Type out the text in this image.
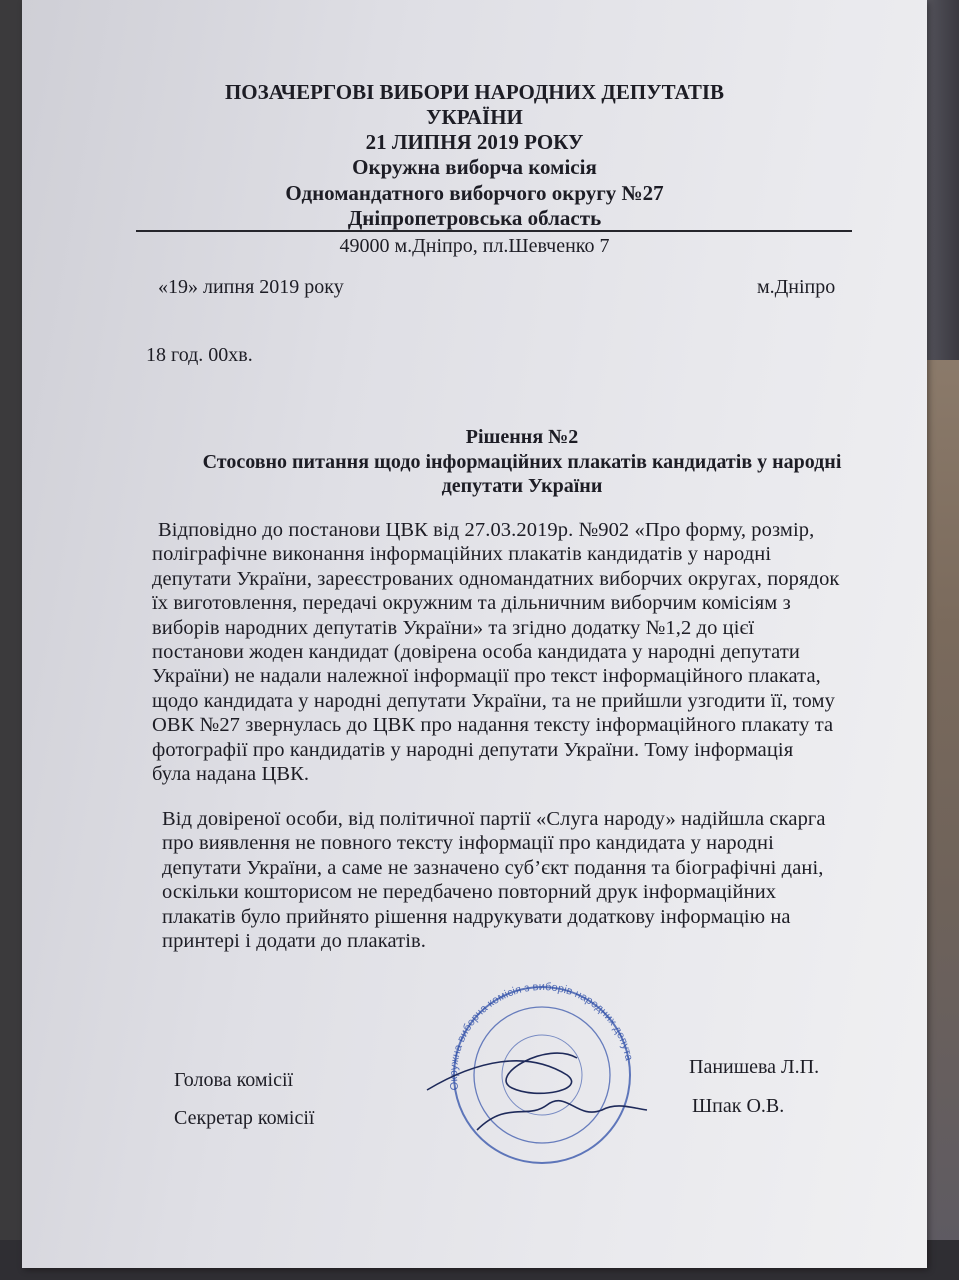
ПОЗАЧЕРГОВІ ВИБОРИ НАРОДНИХ ДЕПУТАТІВ
УКРАЇНИ
21 ЛИПНЯ 2019 РОКУ
Окружна виборча комісія
Одномандатного виборчого округу №27
Дніпропетровська область
49000 м.Дніпро, пл.Шевченко 7
«19» липня 2019 року	м.Дніпро
18 год. 00хв.
Рішення №2
Стосовно питання щодо інформаційних плакатів кандидатів у народні
депутати України
Відповідно до постанови ЦВК від 27.03.2019р. №902 «Про форму, розмір,
поліграфічне виконання інформаційних плакатів кандидатів у народні
депутати України, зареєстрованих одномандатних виборчих округах, порядок
їх виготовлення, передачі окружним та дільничним виборчим комісіям з
виборів народних депутатів України» та згідно додатку №1,2 до цієї
постанови жоден кандидат (довірена особа кандидата у народні депутати
України) не надали належної інформації про текст інформаційного плаката,
щодо кандидата у народні депутати України, та не прийшли узгодити її, тому
ОВК №27 звернулась до ЦВК про надання тексту інформаційного плакату та
фотографії про кандидатів у народні депутати України. Тому інформація
була надана ЦВК.
Від довіреної особи, від політичної партії «Слуга народу» надійшла скарга
про виявлення не повного тексту інформації про кандидата у народні
депутати України, а саме не зазначено суб’єкт подання та біографічні дані,
оскільки кошторисом не передбачено повторний друк інформаційних
плакатів було прийнято рішення надрукувати додаткову інформацію на
принтері і додати до плакатів.
Голова комісії
Панишева Л.П.
Секретар комісії
Шпак О.В.
Окружна виборча комісія з виборів народних депутатів
